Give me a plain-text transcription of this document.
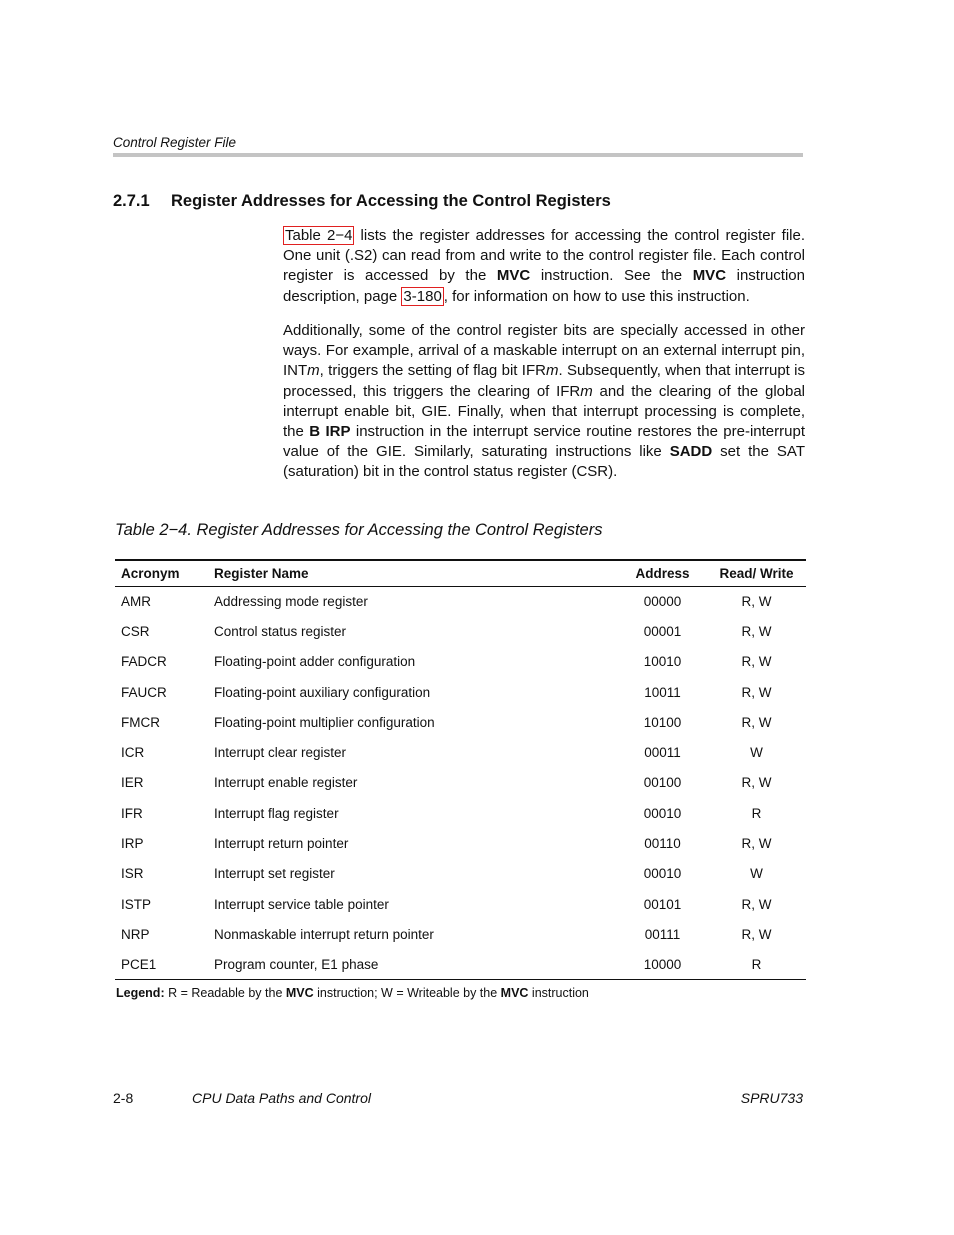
Control Register File
2.7.1 Register Addresses for Accessing the Control Registers

Table 2−4 lists the register addresses for accessing the control register file. One unit (.S2) can read from and write to the control register file. Each control register is accessed by the MVC instruction. See the MVC instruction description, page 3-180 , for information on how to use this instruction.

Additionally, some of the control register bits are specially accessed in other ways. For example, arrival of a maskable interrupt on an external interrupt pin, INTm, triggers the setting of flag bit IFRm. Subsequently, when that interrupt is processed, this triggers the clearing of IFRm and the clearing of the global interrupt enable bit, GIE. Finally, when that interrupt processing is complete, the B IRP instruction in the interrupt service routine restores the pre-interrupt value of the GIE. Similarly, saturating instructions like SADD set the SAT (saturation) bit in the control status register (CSR).

Table 2−4. Register Addresses for Accessing the Control Registers
Acronym	Register Name	Address	Read/ Write
AMR	Addressing mode register	00000	R, W
CSR	Control status register	00001	R, W
FADCR	Floating-point adder configuration	10010	R, W
FAUCR	Floating-point auxiliary configuration	10011	R, W
FMCR	Floating-point multiplier configuration	10100	R, W
ICR	Interrupt clear register	00011	W
IER	Interrupt enable register	00100	R, W
IFR	Interrupt flag register	00010	R
IRP	Interrupt return pointer	00110	R, W
ISR	Interrupt set register	00010	W
ISTP	Interrupt service table pointer	00101	R, W
NRP	Nonmaskable interrupt return pointer	00111	R, W
PCE1	Program counter, E1 phase	10000	R
Legend: R = Readable by the MVC instruction; W = Writeable by the MVC instruction
2-8	CPU Data Paths and Control	SPRU733
